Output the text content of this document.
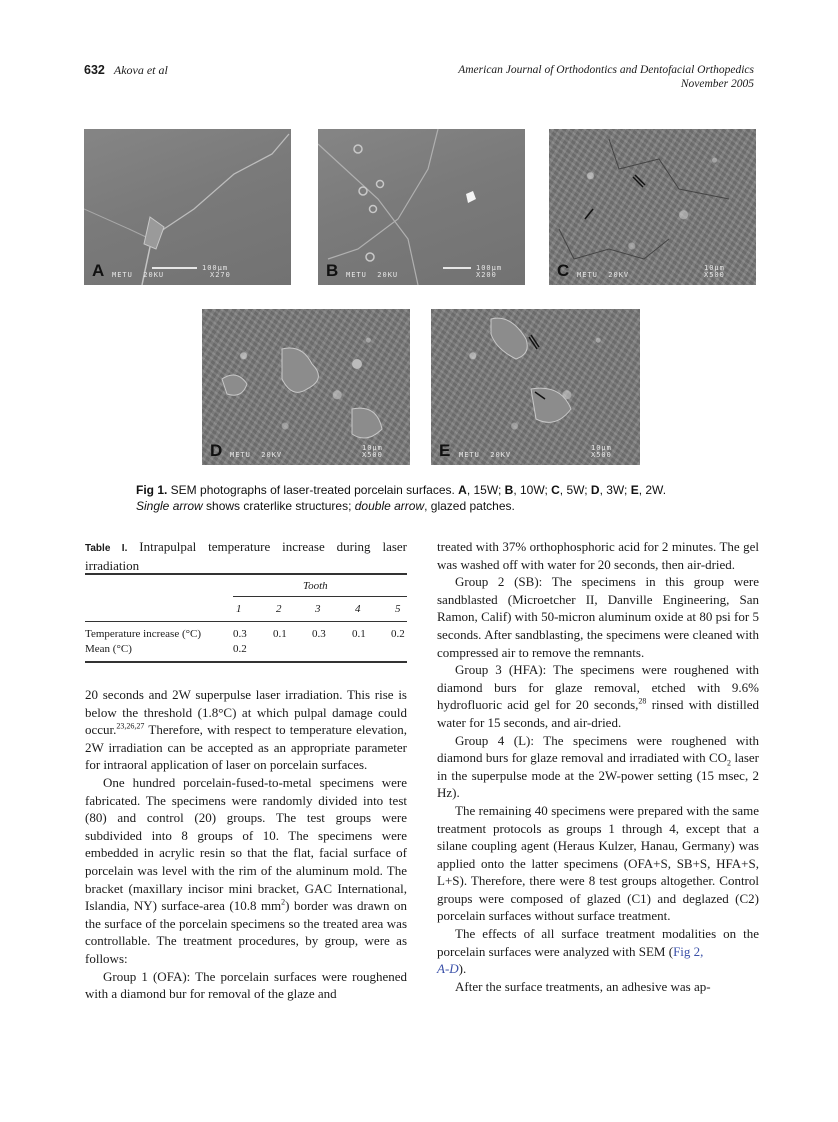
632 Akova et al	American Journal of Orthodontics and Dentofacial Orthopedics
November 2005
A METU  20KU
100µm
X270	B METU  20KU
100µm
X200	C METU  20KV
10µm
X500
D METU  20KV
10µm
X500	E METU  20KV
10µm
X500
Fig 1. SEM photographs of laser-treated porcelain surfaces. A, 15W; B, 10W; C, 5W; D, 3W; E, 2W.
Single arrow shows craterlike structures; double arrow, glazed patches.
Table I. Intrapulpal temperature increase during laser irradiation
Tooth
1	2	3	4	5
Temperature increase (°C)	0.3 0.1 0.3 0.1 0.2
Mean (°C)	0.2

20 seconds and 2W superpulse laser irradiation. This rise is below the threshold (1.8°C) at which pulpal damage could occur.$^{23,26,27}$ Therefore, with respect to temperature elevation, 2W irradiation can be accepted as an appropriate parameter for intraoral application of laser on porcelain surfaces.

One hundred porcelain-fused-to-metal specimens were fabricated. The specimens were randomly divided into test (80) and control (20) groups. The test groups were subdivided into 8 groups of 10. The specimens were embedded in acrylic resin so that the flat, facial surface of porcelain was level with the rim of the aluminum mold. The bracket (maxillary incisor mini bracket, GAC International, Islandia, NY) surface-area (10.8 $mm^2$) border was drawn on the surface of the porcelain specimens so the treated area was controllable. The treatment procedures, by group, were as follows:

Group 1 (OFA): The porcelain surfaces were roughened with a diamond bur for removal of the glaze and

treated with 37% orthophosphoric acid for 2 minutes. The gel was washed off with water for 20 seconds, then air-dried.

Group 2 (SB): The specimens in this group were sandblasted (Microetcher II, Danville Engineering, San Ramon, Calif) with 50-micron aluminum oxide at 80 psi for 5 seconds. After sandblasting, the specimens were cleaned with compressed air to remove the remnants.

Group 3 (HFA): The specimens were roughened with diamond burs for glaze removal, etched with 9.6% hydrofluoric acid gel for 20 seconds,$^{28}$ rinsed with distilled water for 15 seconds, and air-dried.

Group 4 (L): The specimens were roughened with diamond burs for glaze removal and irradiated with $CO_2$ laser in the superpulse mode at the 2W-power setting (15 msec, 2 Hz).

The remaining 40 specimens were prepared with the same treatment protocols as groups 1 through 4, except that a silane coupling agent (Heraus Kulzer, Hanau, Germany) was applied onto the latter specimens (OFA+S, SB+S, HFA+S, L+S). Therefore, there were 8 test groups altogether. Control groups were composed of glazed (C1) and deglazed (C2) porcelain surfaces without surface treatment.

The effects of all surface treatment modalities on the porcelain surfaces were analyzed with SEM (Fig 2,
A-D).

After the surface treatments, an adhesive was ap-
